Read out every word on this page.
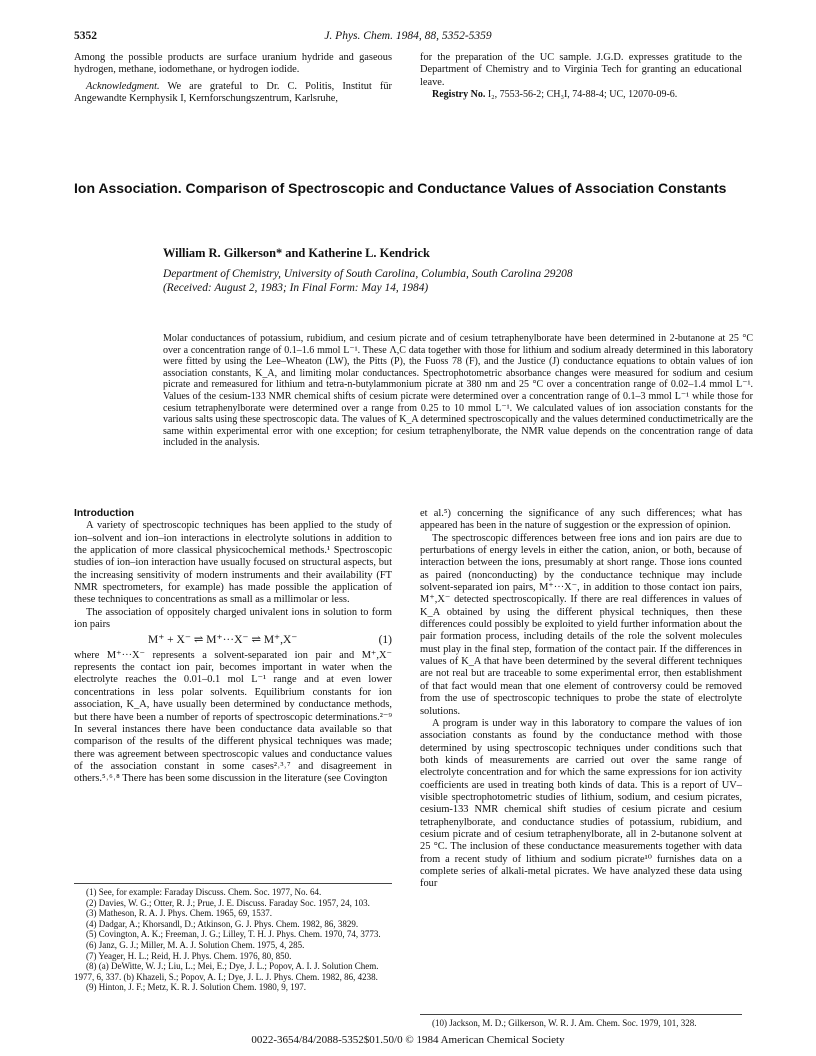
5352	J. Phys. Chem. 1984, 88, 5352-5359

Among the possible products are surface uranium hydride and gaseous hydrogen, methane, iodomethane, or hydrogen iodide.

Acknowledgment. We are grateful to Dr. C. Politis, Institut für Angewandte Kernphysik I, Kernforschungszentrum, Karlsruhe,

for the preparation of the UC sample. J.G.D. expresses gratitude to the Department of Chemistry and to Virginia Tech for granting an educational leave.

Registry No. I₂, 7553-56-2; CH₃I, 74-88-4; UC, 12070-09-6.

Ion Association. Comparison of Spectroscopic and Conductance Values of Association Constants
William R. Gilkerson* and Katherine L. Kendrick
Department of Chemistry, University of South Carolina, Columbia, South Carolina 29208
(Received: August 2, 1983; In Final Form: May 14, 1984)
Molar conductances of potassium, rubidium, and cesium picrate and of cesium tetraphenylborate have been determined in 2-butanone at 25 °C over a concentration range of 0.1–1.6 mmol L⁻¹. These Λ,C data together with those for lithium and sodium already determined in this laboratory were fitted by using the Lee–Wheaton (LW), the Pitts (P), the Fuoss 78 (F), and the Justice (J) conductance equations to obtain values of ion association constants, K_A, and limiting molar conductances. Spectrophotometric absorbance changes were measured for sodium and cesium picrate and remeasured for lithium and tetra-n-butylammonium picrate at 380 nm and 25 °C over a concentration range of 0.02–1.4 mmol L⁻¹. Values of the cesium-133 NMR chemical shifts of cesium picrate were determined over a concentration range of 0.1–3 mmol L⁻¹ while those for cesium tetraphenylborate were determined over a range from 0.25 to 10 mmol L⁻¹. We calculated values of ion association constants for the various salts using these spectroscopic data. The values of K_A determined spectroscopically and the values determined conductimetrically are the same within experimental error with one exception; for cesium tetraphenylborate, the NMR value depends on the concentration range of data included in the analysis.
Introduction

A variety of spectroscopic techniques has been applied to the study of ion–solvent and ion–ion interactions in electrolyte solutions in addition to the application of more classical physicochemical methods.¹ Spectroscopic studies of ion–ion interaction have usually focused on structural aspects, but the increasing sensitivity of modern instruments and their availability (FT NMR spectrometers, for example) has made possible the application of these techniques to concentrations as small as a millimolar or less.

The association of oppositely charged univalent ions in solution to form ion pairs

M⁺ + X⁻ ⇌ M⁺···X⁻ ⇌ M⁺,X⁻	(1)

where M⁺···X⁻ represents a solvent-separated ion pair and M⁺,X⁻ represents the contact ion pair, becomes important in water when the electrolyte reaches the 0.01–0.1 mol L⁻¹ range and at even lower concentrations in less polar solvents. Equilibrium constants for ion association, K_A, have usually been determined by conductance methods, but there have been a number of reports of spectroscopic determinations.²⁻⁹ In several instances there have been conductance data available so that comparison of the results of the different physical techniques was made; there was agreement between spectroscopic values and conductance values of the association constant in some cases²˒³˒⁷ and disagreement in others.⁵˒⁶˒⁸ There has been some discussion in the literature (see Covington

et al.⁵) concerning the significance of any such differences; what has appeared has been in the nature of suggestion or the expression of opinion.

The spectroscopic differences between free ions and ion pairs are due to perturbations of energy levels in either the cation, anion, or both, because of interaction between the ions, presumably at short range. Those ions counted as paired (nonconducting) by the conductance technique may include solvent-separated ion pairs, M⁺···X⁻, in addition to those contact ion pairs, M⁺,X⁻ detected spectroscopically. If there are real differences in values of K_A obtained by using the different physical techniques, then these differences could possibly be exploited to yield further information about the pair formation process, including details of the role the solvent molecules must play in the final step, formation of the contact pair. If the differences in values of K_A that have been determined by the several different techniques are not real but are traceable to some experimental error, then establishment of that fact would mean that one element of controversy could be removed from the use of spectroscopic techniques to probe the state of electrolyte solutions.

A program is under way in this laboratory to compare the values of ion association constants as found by the conductance method with those determined by using spectroscopic techniques under conditions such that both kinds of measurements are carried out over the same range of electrolyte concentration and for which the same expressions for ion activity coefficients are used in treating both kinds of data. This is a report of UV–visible spectrophotometric studies of lithium, sodium, and cesium picrates, cesium-133 NMR chemical shift studies of cesium picrate and cesium tetraphenylborate, and conductance studies of potassium, rubidium, and cesium picrate and of cesium tetraphenylborate, all in 2-butanone solvent at 25 °C. The inclusion of these conductance measurements together with data from a recent study of lithium and sodium picrate¹⁰ furnishes data on a complete series of alkali-metal picrates. We have analyzed these data using four

(1) See, for example: Faraday Discuss. Chem. Soc. 1977, No. 64.

(2) Davies, W. G.; Otter, R. J.; Prue, J. E. Discuss. Faraday Soc. 1957, 24, 103.

(3) Matheson, R. A. J. Phys. Chem. 1965, 69, 1537.

(4) Dadgar, A.; Khorsandl, D.; Atkinson, G. J. Phys. Chem. 1982, 86, 3829.

(5) Covington, A. K.; Freeman, J. G.; Lilley, T. H. J. Phys. Chem. 1970, 74, 3773.

(6) Janz, G. J.; Miller, M. A. J. Solution Chem. 1975, 4, 285.

(7) Yeager, H. L.; Reid, H. J. Phys. Chem. 1976, 80, 850.

(8) (a) DeWitte, W. J.; Liu, L.; Mei, E.; Dye, J. L.; Popov, A. I. J. Solution Chem. 1977, 6, 337. (b) Khazeli, S.; Popov, A. I.; Dye, J. L. J. Phys. Chem. 1982, 86, 4238.

(9) Hinton, J. F.; Metz, K. R. J. Solution Chem. 1980, 9, 197.

(10) Jackson, M. D.; Gilkerson, W. R. J. Am. Chem. Soc. 1979, 101, 328.

0022-3654/84/2088-5352$01.50/0 © 1984 American Chemical Society
